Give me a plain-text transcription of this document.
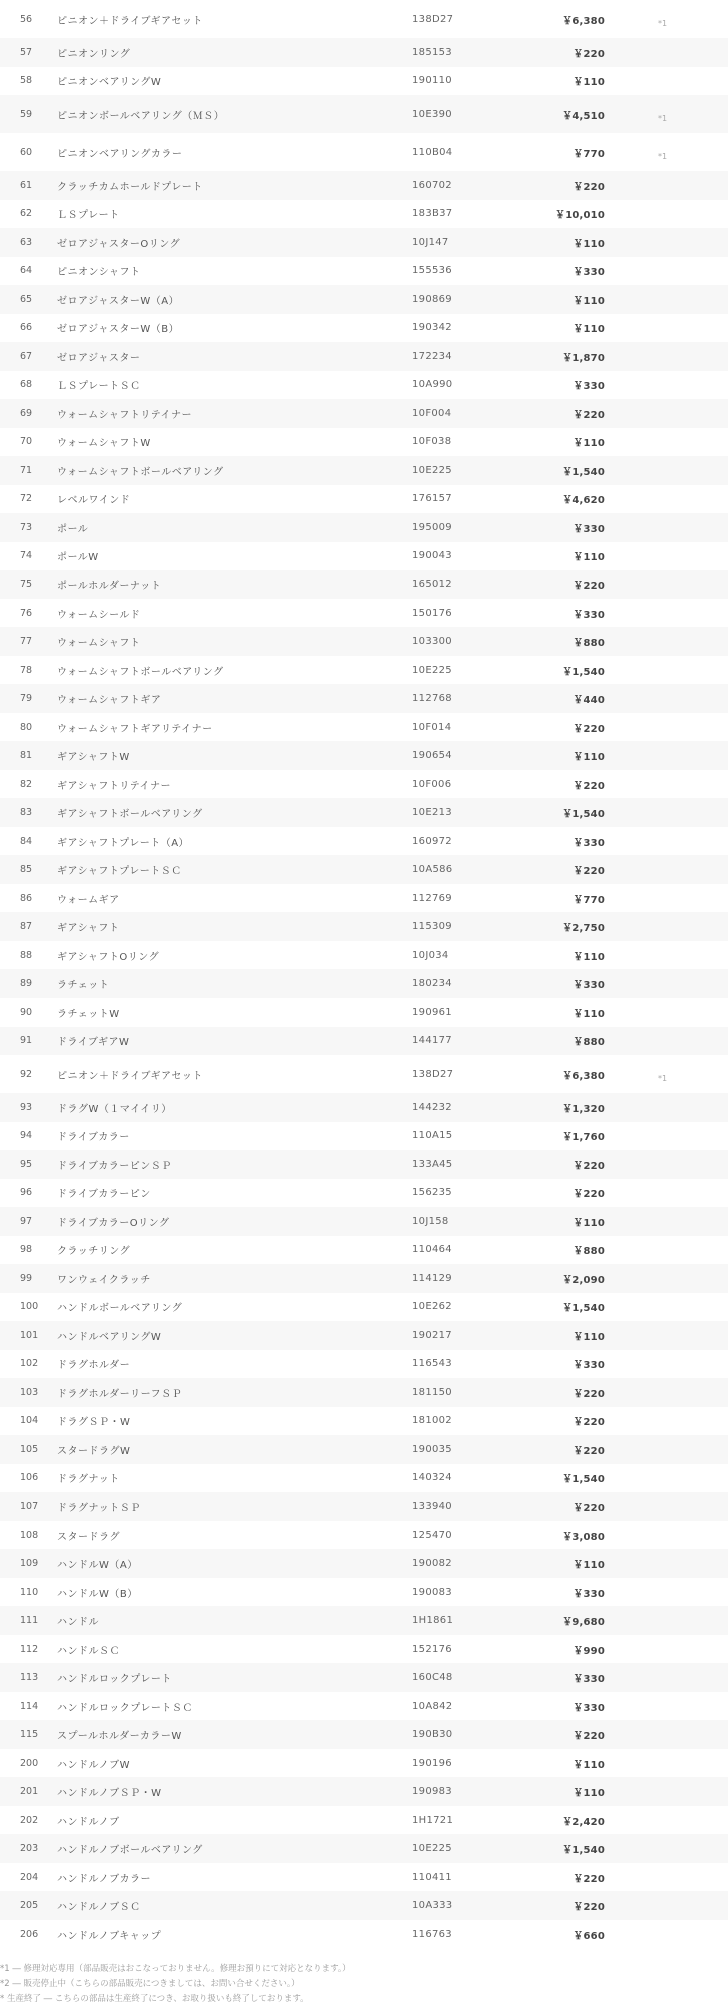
56	ピニオン＋ドライブギアセット	138D27	￥6,380	*1
57	ピニオンリング	185153	￥220	
58	ピニオンベアリングW	190110	￥110	
59	ピニオンボールベアリング（ＭＳ）	10E390	￥4,510	*1
60	ピニオンベアリングカラー	110B04	￥770	*1
61	クラッチカムホールドプレート	160702	￥220	
62	ＬＳプレート	183B37	￥10,010	
63	ゼロアジャスターOリング	10J147	￥110	
64	ピニオンシャフト	155536	￥330	
65	ゼロアジャスターW（A）	190869	￥110	
66	ゼロアジャスターW（B）	190342	￥110	
67	ゼロアジャスター	172234	￥1,870	
68	ＬＳプレートＳＣ	10A990	￥330	
69	ウォームシャフトリテイナー	10F004	￥220	
70	ウォームシャフトW	10F038	￥110	
71	ウォームシャフトボールベアリング	10E225	￥1,540	
72	レベルワインド	176157	￥4,620	
73	ポール	195009	￥330	
74	ポールW	190043	￥110	
75	ポールホルダーナット	165012	￥220	
76	ウォームシールド	150176	￥330	
77	ウォームシャフト	103300	￥880	
78	ウォームシャフトボールベアリング	10E225	￥1,540	
79	ウォームシャフトギア	112768	￥440	
80	ウォームシャフトギアリテイナー	10F014	￥220	
81	ギアシャフトW	190654	￥110	
82	ギアシャフトリテイナー	10F006	￥220	
83	ギアシャフトボールベアリング	10E213	￥1,540	
84	ギアシャフトプレート（A）	160972	￥330	
85	ギアシャフトプレートＳＣ	10A586	￥220	
86	ウォームギア	112769	￥770	
87	ギアシャフト	115309	￥2,750	
88	ギアシャフトOリング	10J034	￥110	
89	ラチェット	180234	￥330	
90	ラチェットW	190961	￥110	
91	ドライブギアW	144177	￥880	
92	ピニオン＋ドライブギアセット	138D27	￥6,380	*1
93	ドラグW（１マイイリ）	144232	￥1,320	
94	ドライブカラー	110A15	￥1,760	
95	ドライブカラーピンＳＰ	133A45	￥220	
96	ドライブカラーピン	156235	￥220	
97	ドライブカラーOリング	10J158	￥110	
98	クラッチリング	110464	￥880	
99	ワンウェイクラッチ	114129	￥2,090	
100	ハンドルボールベアリング	10E262	￥1,540	
101	ハンドルベアリングW	190217	￥110	
102	ドラグホルダー	116543	￥330	
103	ドラグホルダーリーフＳＰ	181150	￥220	
104	ドラグＳＰ・W	181002	￥220	
105	スタードラグW	190035	￥220	
106	ドラグナット	140324	￥1,540	
107	ドラグナットＳＰ	133940	￥220	
108	スタードラグ	125470	￥3,080	
109	ハンドルW（A）	190082	￥110	
110	ハンドルW（B）	190083	￥330	
111	ハンドル	1H1861	￥9,680	
112	ハンドルＳＣ	152176	￥990	
113	ハンドルロックプレート	160C48	￥330	
114	ハンドルロックプレートＳＣ	10A842	￥330	
115	スプールホルダーカラーW	190B30	￥220	
200	ハンドルノブW	190196	￥110	
201	ハンドルノブＳＰ・W	190983	￥110	
202	ハンドルノブ	1H1721	￥2,420	
203	ハンドルノブボールベアリング	10E225	￥1,540	
204	ハンドルノブカラー	110411	￥220	
205	ハンドルノブＳＣ	10A333	￥220	
206	ハンドルノブキャップ	116763	￥660	

*1 ― 修理対応専用（部品販売はおこなっておりません。修理お預りにて対応となります。）

*2 ― 販売停止中（こちらの部品販売につきましては、お問い合せください。）

* 生産終了 ― こちらの部品は生産終了につき、お取り扱いも終了しております。
